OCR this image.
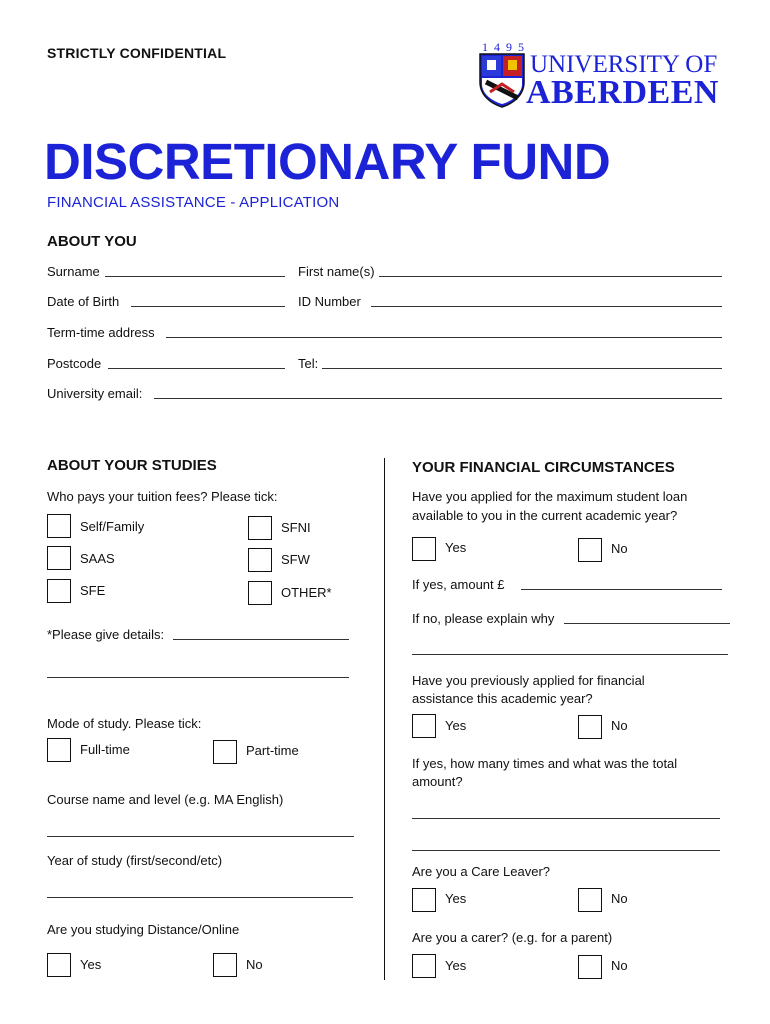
STRICTLY CONFIDENTIAL	1495
UNIVERSITY OF
ABERDEEN
DISCRETIONARY FUND
FINANCIAL ASSISTANCE - APPLICATION
ABOUT YOU
Surname	First name(s)
Date of Birth	ID Number
Term-time address
Postcode	Tel:
University email:
ABOUT YOUR STUDIES
Who pays your tuition fees? Please tick:
Self/Family	SFNI
SAAS	SFW
SFE	OTHER*
*Please give details:
Mode of study. Please tick:
Full-time	Part-time
Course name and level (e.g. MA English)
Year of study (first/second/etc)
Are you studying Distance/Online
Yes	No
YOUR FINANCIAL CIRCUMSTANCES
Have you applied for the maximum student loan
available to you in the current academic year?
Yes	No
If yes, amount £
If no, please explain why
Have you previously applied for financial
assistance this academic year?
Yes	No
If yes, how many times and what was the total
amount?
Are you a Care Leaver?
Yes	No
Are you a carer? (e.g. for a parent)
Yes	No
